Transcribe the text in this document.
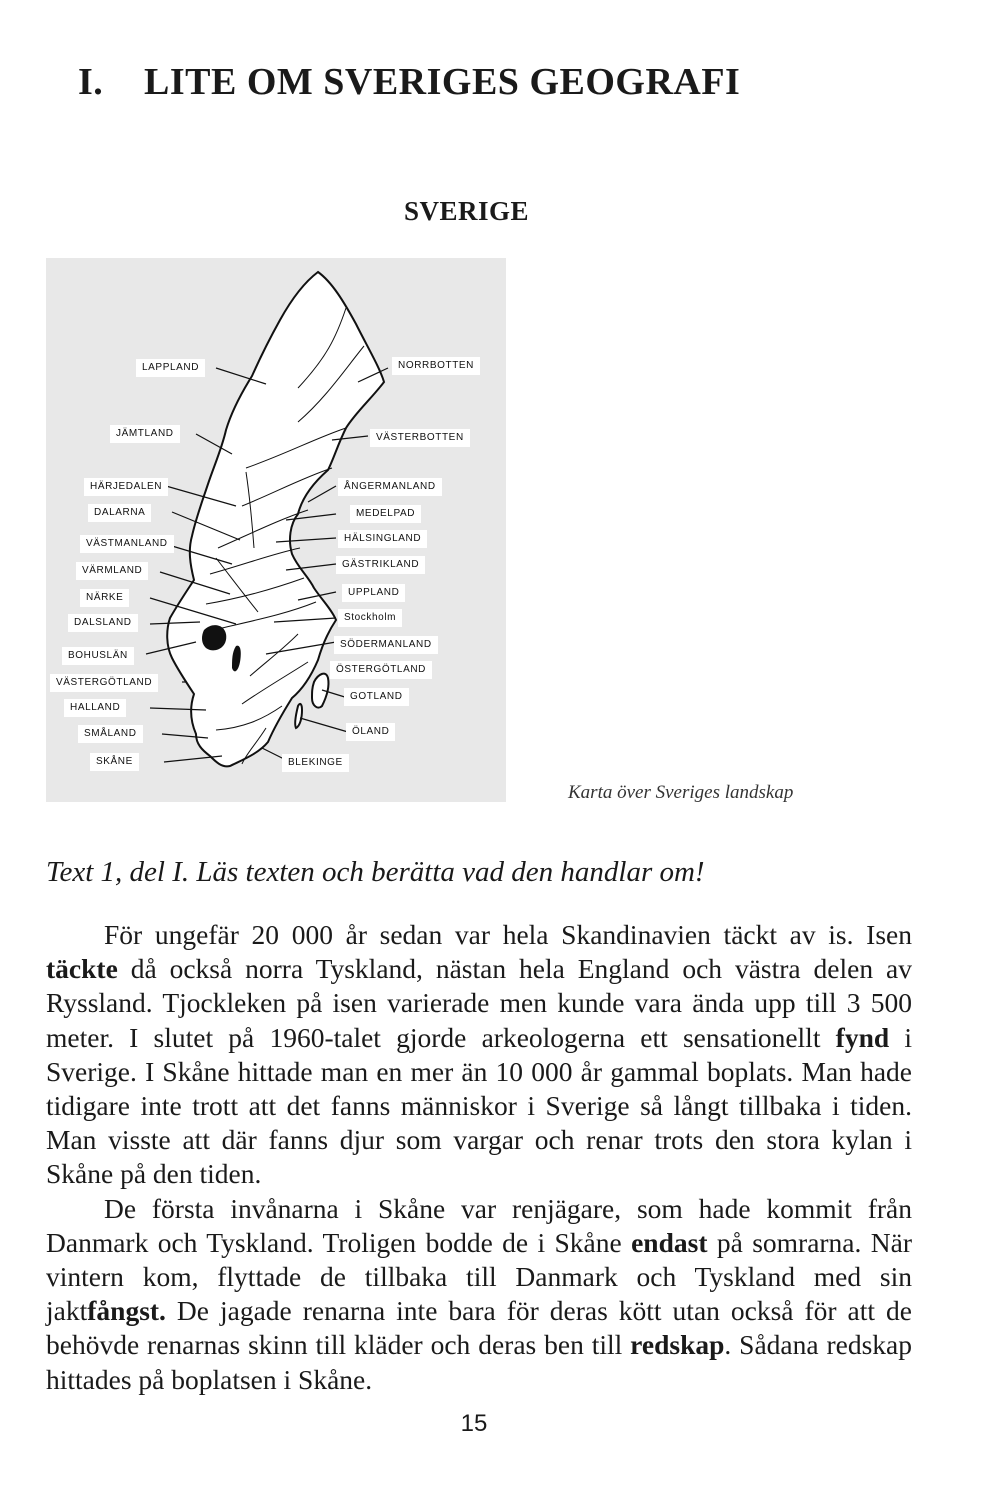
I. LITE OM SVERIGES GEOGRAFI
SVERIGE
LAPPLAND	NORRBOTTEN
JÄMTLAND	VÄSTERBOTTEN
HÄRJEDALEN	ÅNGERMANLAND
DALARNA	MEDELPAD
VÄSTMANLAND	HÄLSINGLAND
VÄRMLAND
GÄSTRIKLAND
NÄRKE	UPPLAND
Stockholm
DALSLAND
SÖDERMANLAND
BOHUSLÄN
ÖSTERGÖTLAND
VÄSTERGÖTLAND
GOTLAND
HALLAND
ÖLAND
SMÅLAND
SKÅNE	BLEKINGE

Karta över Sveriges landskap

Text 1, del I. Läs texten och berätta vad den handlar om!

För ungefär 20 000 år sedan var hela Skandinavien täckt av is. Isen täckte då också norra Tyskland, nästan hela England och västra delen av Ryssland. Tjockleken på isen varierade men kunde vara ända upp till 3 500 meter. I slutet på 1960-talet gjorde arkeologerna ett sensationellt fynd i Sverige. I Skåne hittade man en mer än 10 000 år gammal boplats. Man hade tidigare inte trott att det fanns människor i Sverige så långt tillbaka i tiden. Man visste att där fanns djur som vargar och renar trots den stora kylan i Skåne på den tiden.

De första invånarna i Skåne var renjägare, som hade kommit från Danmark och Tyskland. Troligen bodde de i Skåne endast på somrarna. När vintern kom, flyttade de tillbaka till Danmark och Tyskland med sin jaktfångst. De jagade renarna inte bara för deras kött utan också för att de behövde renarnas skinn till kläder och deras ben till redskap. Sådana redskap hittades på boplatsen i Skåne.

15
